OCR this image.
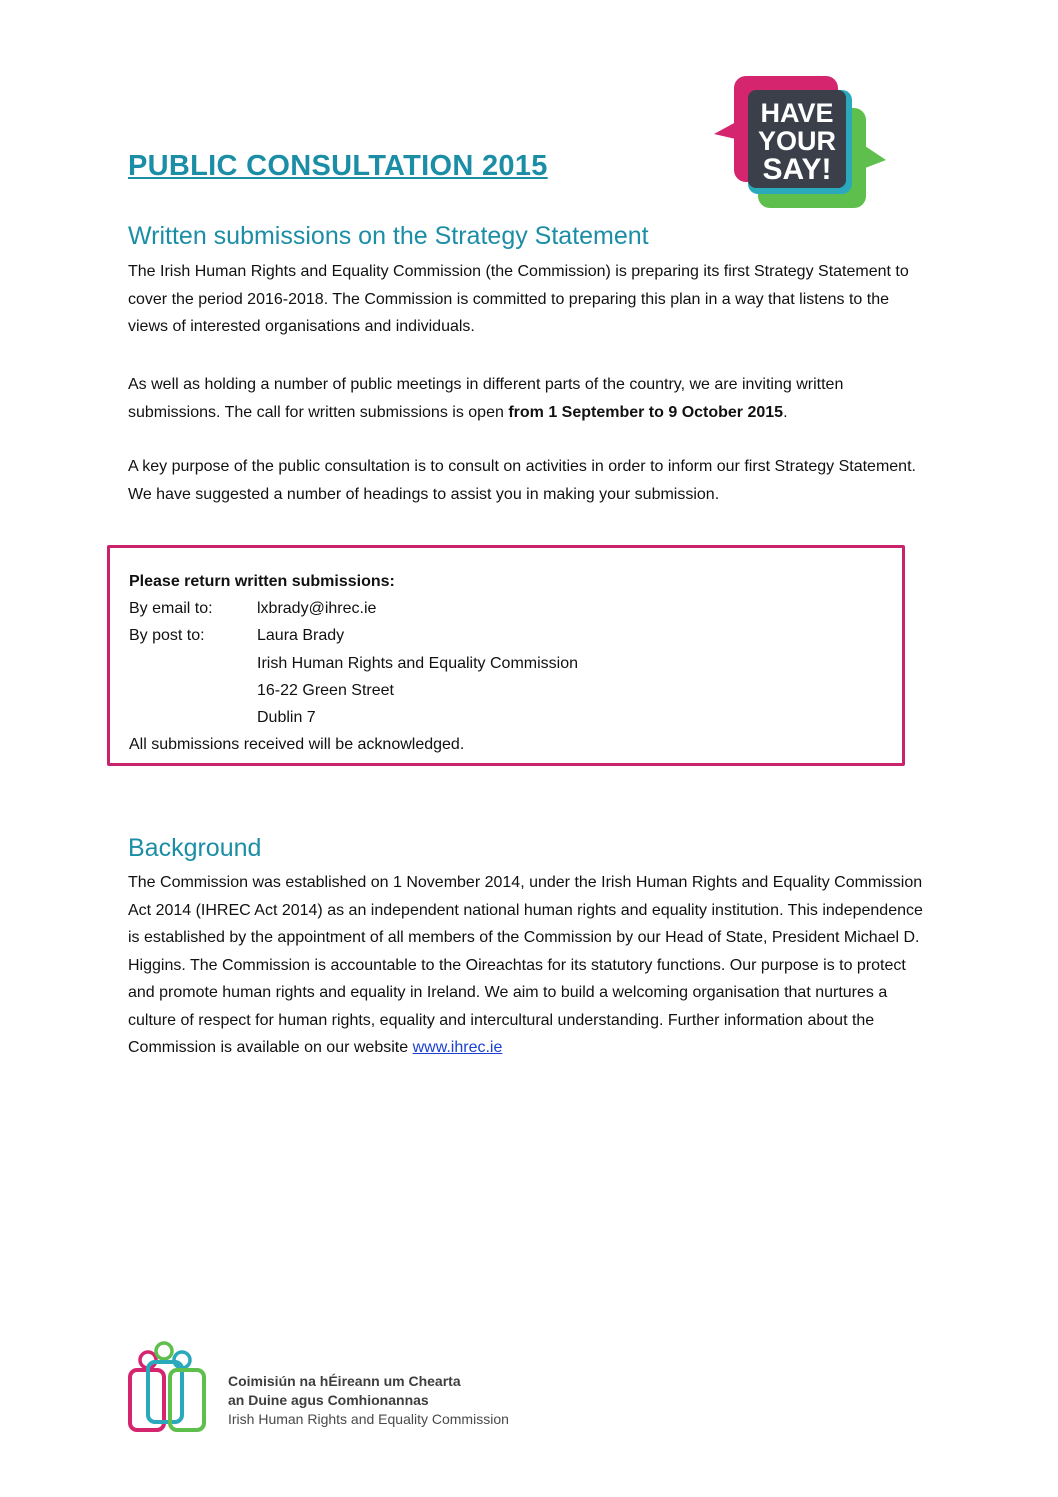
HAVE
YOUR
SAY!
PUBLIC CONSULTATION 2015
Written submissions on the Strategy Statement

The Irish Human Rights and Equality Commission (the Commission) is preparing its first Strategy Statement to cover the period 2016-2018. The Commission is committed to preparing this plan in a way that listens to the views of interested organisations and individuals.

As well as holding a number of public meetings in different parts of the country, we are inviting written submissions. The call for written submissions is open from 1 September to 9 October 2015.

A key purpose of the public consultation is to consult on activities in order to inform our first Strategy Statement. We have suggested a number of headings to assist you in making your submission.

Please return written submissions:
By email to:	lxbrady@ihrec.ie
By post to:	Laura Brady
Irish Human Rights and Equality Commission
16-22 Green Street
Dublin 7
All submissions received will be acknowledged.
Background

The Commission was established on 1 November 2014, under the Irish Human Rights and Equality Commission Act 2014 (IHREC Act 2014) as an independent national human rights and equality institution. This independence is established by the appointment of all members of the Commission by our Head of State, President Michael D. Higgins. The Commission is accountable to the Oireachtas for its statutory functions. Our purpose is to protect and promote human rights and equality in Ireland. We aim to build a welcoming organisation that nurtures a culture of respect for human rights, equality and intercultural understanding. Further information about the Commission is available on our website www.ihrec.ie

Coimisiún na hÉireann um Chearta
an Duine agus Comhionannas
Irish Human Rights and Equality Commission
